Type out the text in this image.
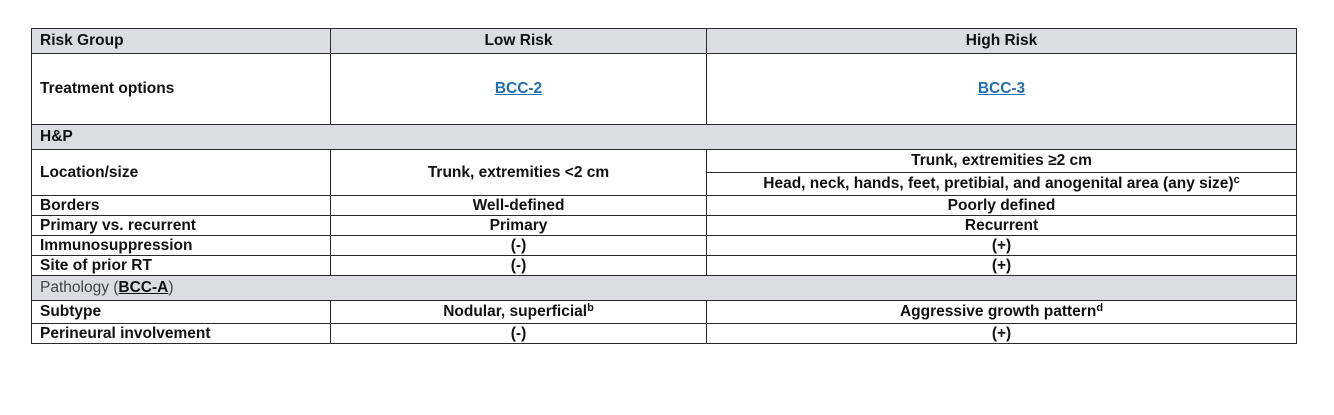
Risk Group	Low Risk	High Risk
Treatment options	BCC-2	BCC-3
H&P		
Location/size	Trunk, extremities <2 cm	Trunk, extremities ≥2 cm
		Head, neck, hands, feet, pretibial, and anogenital area (any size)$^c$
Borders	Well-defined	Poorly defined
Primary vs. recurrent	Primary	Recurrent
Immunosuppression	(-)	(+)
Site of prior RT	(-)	(+)
Pathology (BCC-A)		
Subtype	Nodular, superficial$^b$	Aggressive growth pattern$^d$
Perineural involvement	(-)	(+)
